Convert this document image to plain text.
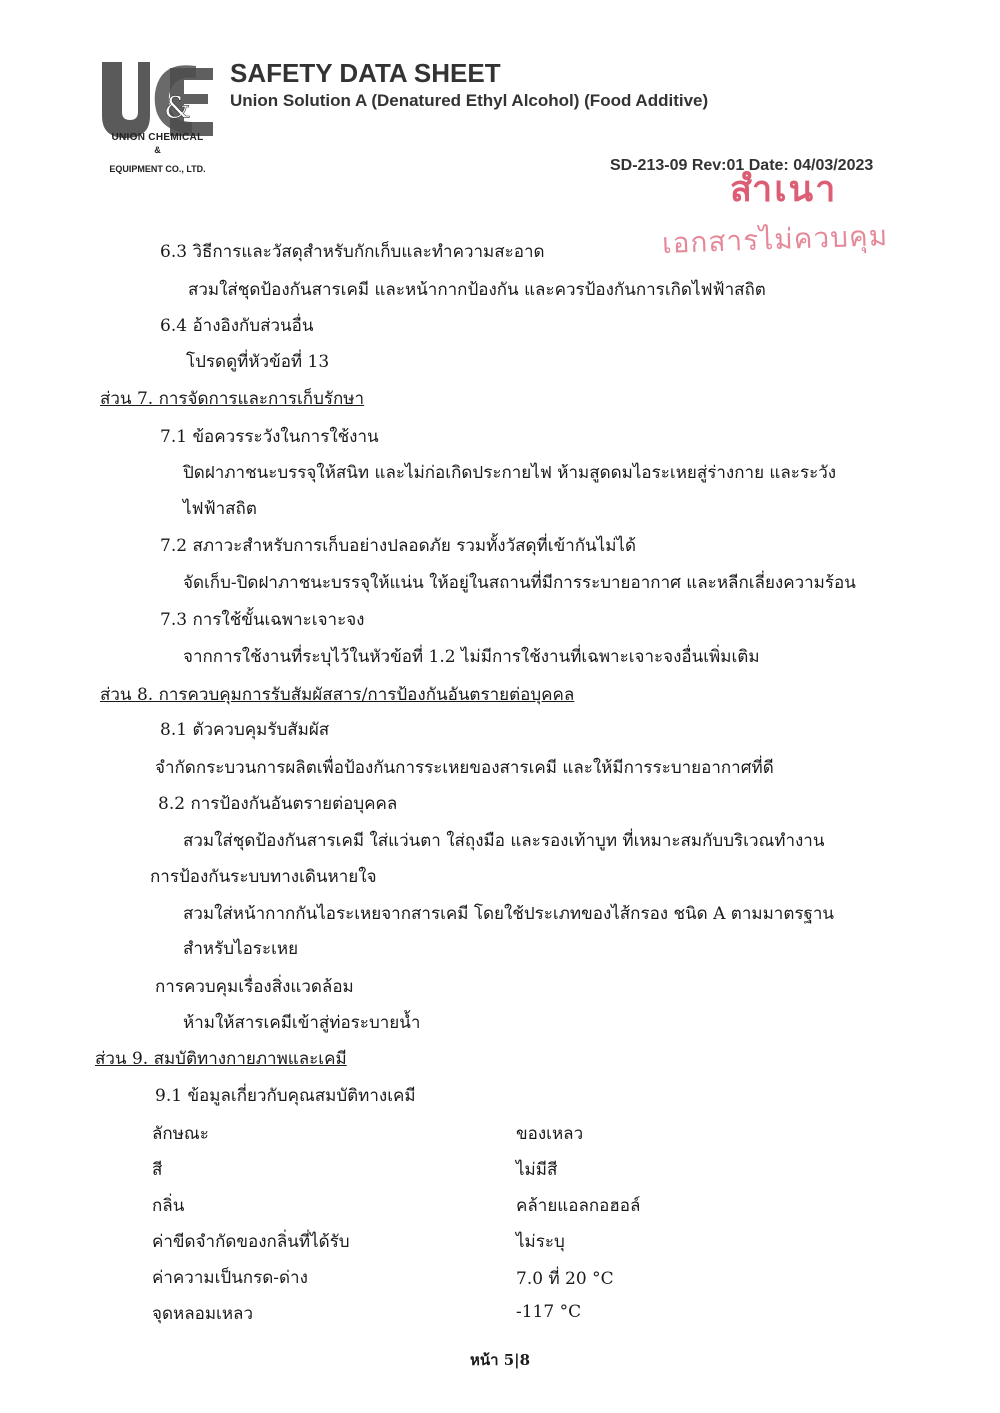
&
UNION CHEMICAL
&
EQUIPMENT CO., LTD.
SAFETY DATA SHEET
Union Solution A (Denatured Ethyl Alcohol) (Food Additive)
SD-213-09 Rev:01 Date: 04/03/2023
สำเนา
เอกสารไม่ควบคุม
6.3 วิธีการและวัสดุสำหรับกักเก็บและทำความสะอาด
สวมใส่ชุดป้องกันสารเคมี และหน้ากากป้องกัน และควรป้องกันการเกิดไฟฟ้าสถิต
6.4 อ้างอิงกับส่วนอื่น
โปรดดูที่หัวข้อที่ 13
ส่วน 7. การจัดการและการเก็บรักษา
7.1 ข้อควรระวังในการใช้งาน
ปิดฝาภาชนะบรรจุให้สนิท และไม่ก่อเกิดประกายไฟ ห้ามสูดดมไอระเหยสู่ร่างกาย และระวัง
ไฟฟ้าสถิต
7.2 สภาวะสำหรับการเก็บอย่างปลอดภัย รวมทั้งวัสดุที่เข้ากันไม่ได้
จัดเก็บ-ปิดฝาภาชนะบรรจุให้แน่น ให้อยู่ในสถานที่มีการระบายอากาศ และหลีกเลี่ยงความร้อน
7.3 การใช้ขั้นเฉพาะเจาะจง
จากการใช้งานที่ระบุไว้ในหัวข้อที่ 1.2 ไม่มีการใช้งานที่เฉพาะเจาะจงอื่นเพิ่มเติม
ส่วน 8. การควบคุมการรับสัมผัสสาร/การป้องกันอันตรายต่อบุคคล
8.1 ตัวควบคุมรับสัมผัส
จำกัดกระบวนการผลิตเพื่อป้องกันการระเหยของสารเคมี และให้มีการระบายอากาศที่ดี
8.2 การป้องกันอันตรายต่อบุคคล
สวมใส่ชุดป้องกันสารเคมี ใส่แว่นตา ใส่ถุงมือ และรองเท้าบูท ที่เหมาะสมกับบริเวณทำงาน
การป้องกันระบบทางเดินหายใจ
สวมใส่หน้ากากกันไอระเหยจากสารเคมี โดยใช้ประเภทของไส้กรอง ชนิด A ตามมาตรฐาน
สำหรับไอระเหย
การควบคุมเรื่องสิ่งแวดล้อม
ห้ามให้สารเคมีเข้าสู่ท่อระบายน้ำ
ส่วน 9. สมบัติทางกายภาพและเคมี
9.1 ข้อมูลเกี่ยวกับคุณสมบัติทางเคมี
ลักษณะ	ของเหลว
สี	ไม่มีสี
กลิ่น	คล้ายแอลกอฮอล์
ค่าขีดจำกัดของกลิ่นที่ได้รับ	ไม่ระบุ
ค่าความเป็นกรด-ด่าง	7.0 ที่ 20 °C
จุดหลอมเหลว	-117 °C
หน้า 5|8
